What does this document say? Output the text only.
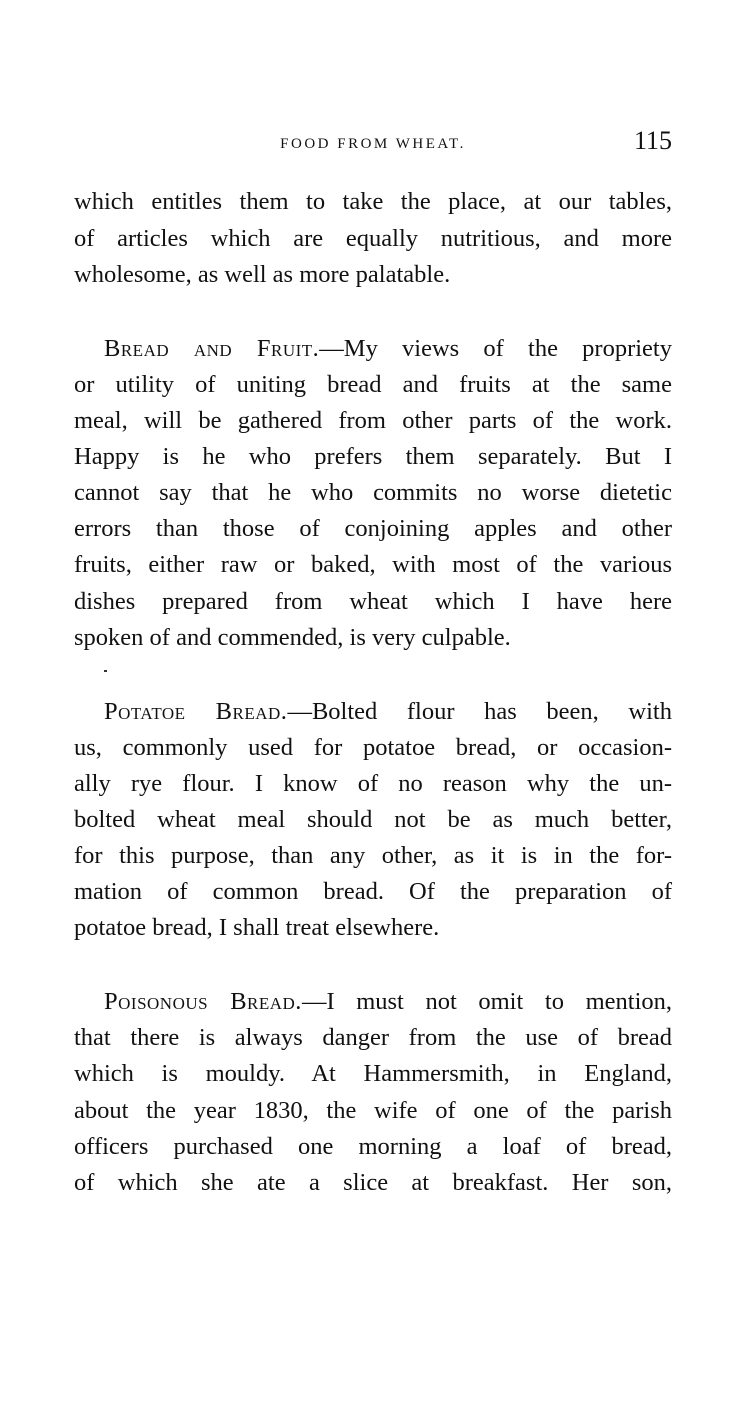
FOOD FROM WHEAT.	115
which entitles them to take the place, at our tables,
of articles which are equally nutritious, and more
wholesome, as well as more palatable.
Bread and Fruit.—My views of the propriety
or utility of uniting bread and fruits at the same
meal, will be gathered from other parts of the work.
Happy is he who prefers them separately. But I
cannot say that he who commits no worse dietetic
errors than those of conjoining apples and other
fruits, either raw or baked, with most of the various
dishes prepared from wheat which I have here
spoken of and commended, is very culpable.
Potatoe Bread.—Bolted flour has been, with
us, commonly used for potatoe bread, or occasion-
ally rye flour. I know of no reason why the un-
bolted wheat meal should not be as much better,
for this purpose, than any other, as it is in the for-
mation of common bread. Of the preparation of
potatoe bread, I shall treat elsewhere.
Poisonous Bread.—I must not omit to mention,
that there is always danger from the use of bread
which is mouldy. At Hammersmith, in England,
about the year 1830, the wife of one of the parish
officers purchased one morning a loaf of bread,
of which she ate a slice at breakfast. Her son,
